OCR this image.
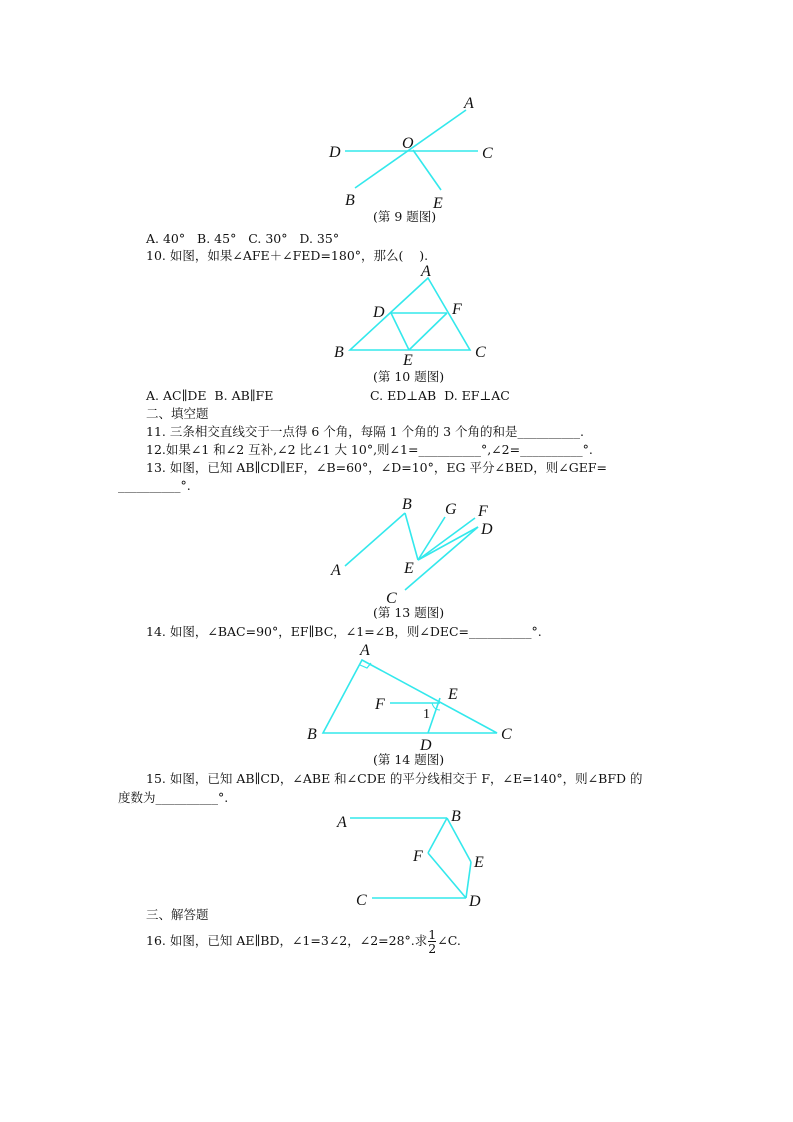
D
O
C
A
B	E
A
D	F
B	E	C
A
B G F
D
E
C
A
E
F
1
B	C
D
A	B
F	E
C	D
(第 9 题图)
A. 40°   B. 45°   C. 30°   D. 35°
10. 如图，如果∠AFE＋∠FED=180°，那么(    ).
(第 10 题图)
A. AC∥DE  B. AB∥FE	C. ED⊥AB  D. EF⊥AC
二、填空题
11. 三条相交直线交于一点得 6 个角，每隔 1 个角的 3 个角的和是__________.
12.如果∠1 和∠2 互补,∠2 比∠1 大 10°,则∠1=__________°,∠2=__________°.
13. 如图，已知 AB∥CD∥EF，∠B=60°，∠D=10°，EG 平分∠BED，则∠GEF=
__________°.
(第 13 题图)
14. 如图，∠BAC=90°，EF∥BC，∠1=∠B，则∠DEC=__________°.
(第 14 题图)
15. 如图，已知 AB∥CD，∠ABE 和∠CDE 的平分线相交于 F，∠E=140°，则∠BFD 的
度数为__________°.
三、解答题
16. 如图，已知 AE∥BD，∠1=3∠2，∠2=28°.求 $\frac{1}{2}$ ∠C.
